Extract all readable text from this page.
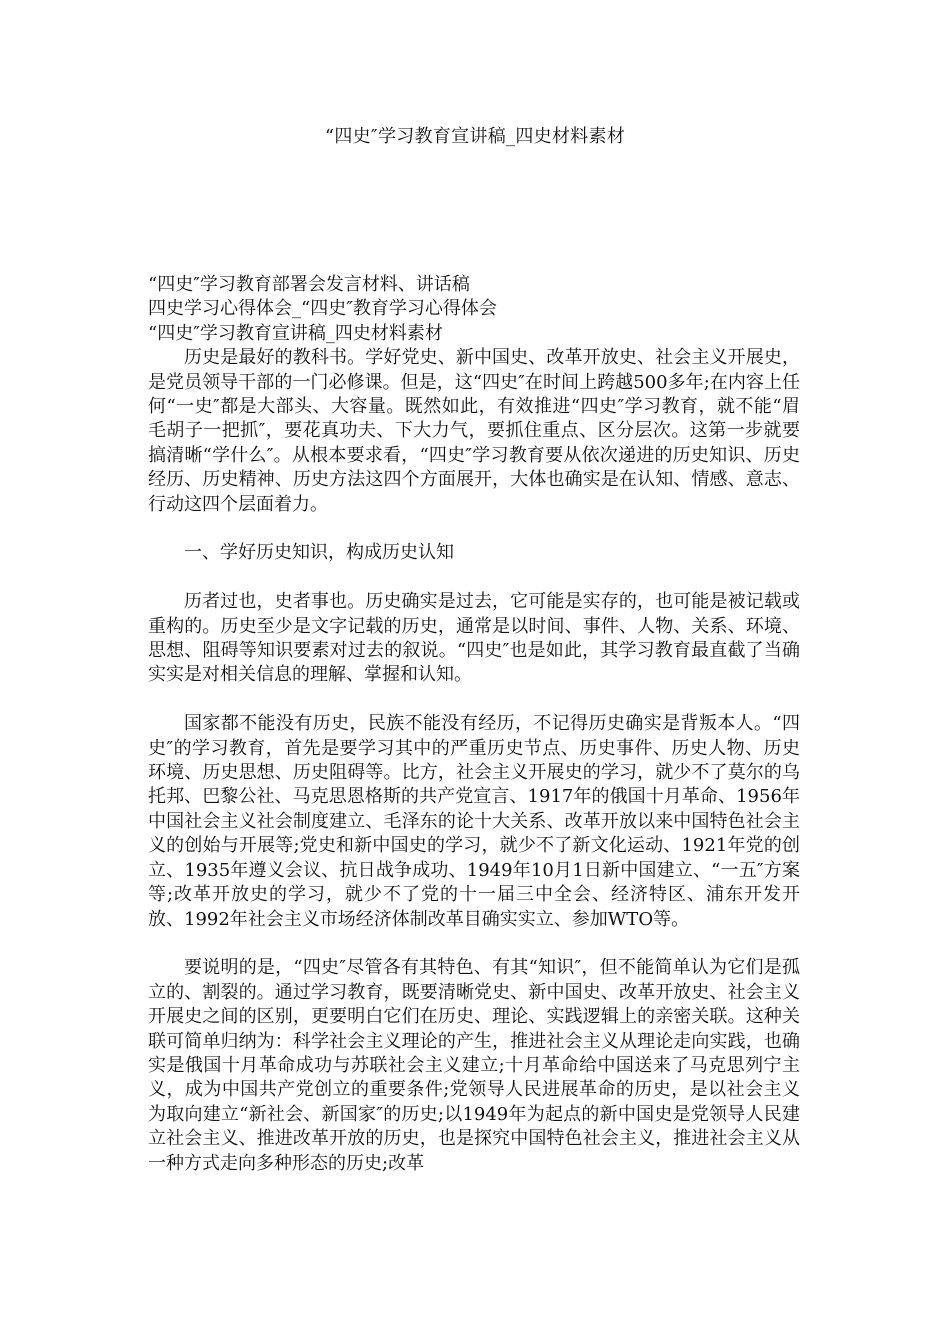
“四史″学习教育宣讲稿_四史材料素材

“四史″学习教育部署会发言材料、讲话稿

四史学习心得体会_“四史″教育学习心得体会

“四史″学习教育宣讲稿_四史材料素材

历史是最好的教科书。学好党史、新中国史、改革开放史、社会主义开展史，是党员领导干部的一门必修课。但是，这“四史″在时间上跨越500多年;在内容上任何“一史″都是大部头、大容量。既然如此，有效推进“四史″学习教育，就不能“眉毛胡子一把抓″，要花真功夫、下大力气，要抓住重点、区分层次。这第一步就要搞清晰“学什么″。从根本要求看，“四史″学习教育要从依次递进的历史知识、历史经历、历史精神、历史方法这四个方面展开，大体也确实是在认知、情感、意志、行动这四个层面着力。

一、学好历史知识，构成历史认知

历者过也，史者事也。历史确实是过去，它可能是实存的，也可能是被记载或重构的。历史至少是文字记载的历史，通常是以时间、事件、人物、关系、环境、思想、阻碍等知识要素对过去的叙说。“四史″也是如此，其学习教育最直截了当确实实是对相关信息的理解、掌握和认知。

国家都不能没有历史，民族不能没有经历，不记得历史确实是背叛本人。“四史″的学习教育，首先是要学习其中的严重历史节点、历史事件、历史人物、历史环境、历史思想、历史阻碍等。比方，社会主义开展史的学习，就少不了莫尔的乌托邦、巴黎公社、马克思恩格斯的共产党宣言、1917年的俄国十月革命、1956年中国社会主义社会制度建立、毛泽东的论十大关系、改革开放以来中国特色社会主义的创始与开展等;党史和新中国史的学习，就少不了新文化运动、1921年党的创立、1935年遵义会议、抗日战争成功、1949年10月1日新中国建立、“一五″方案等;改革开放史的学习，就少不了党的十一届三中全会、经济特区、浦东开发开放、1992年社会主义市场经济体制改革目确实实立、参加WTO等。

要说明的是，“四史″尽管各有其特色、有其“知识″，但不能简单认为它们是孤立的、割裂的。通过学习教育，既要清晰党史、新中国史、改革开放史、社会主义开展史之间的区别，更要明白它们在历史、理论、实践逻辑上的亲密关联。这种关联可简单归纳为：科学社会主义理论的产生，推进社会主义从理论走向实践，也确实是俄国十月革命成功与苏联社会主义建立;十月革命给中国送来了马克思列宁主义，成为中国共产党创立的重要条件;党领导人民进展革命的历史，是以社会主义为取向建立“新社会、新国家″的历史;以1949年为起点的新中国史是党领导人民建立社会主义、推进改革开放的历史，也是探究中国特色社会主义，推进社会主义从一种方式走向多种形态的历史;改革
